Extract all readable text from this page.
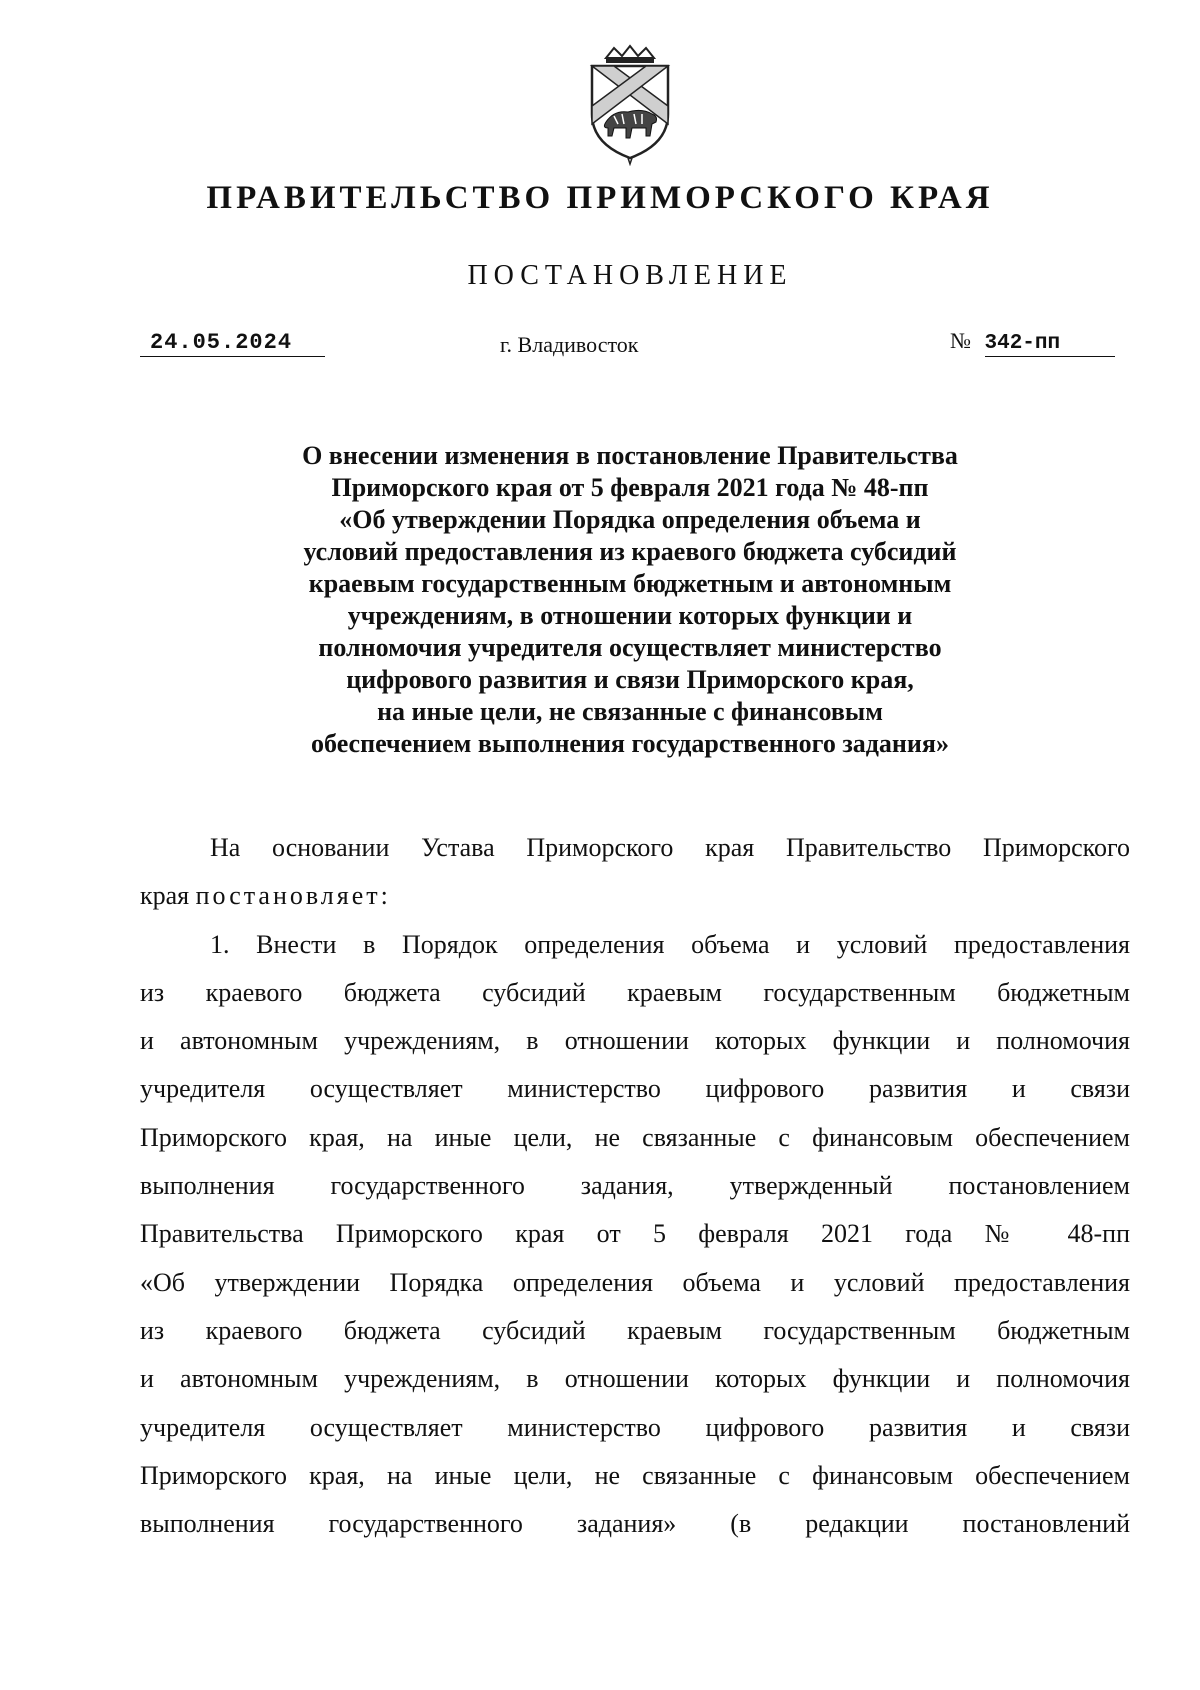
ПРАВИТЕЛЬСТВО ПРИМОРСКОГО КРАЯ
ПОСТАНОВЛЕНИЕ
24.05.2024	г. Владивосток	№ 342-пп
О внесении изменения в постановление Правительства
Приморского края от 5 февраля 2021 года № 48-пп
«Об утверждении Порядка определения объема и
условий предоставления из краевого бюджета субсидий
краевым государственным бюджетным и автономным
учреждениям, в отношении которых функции и
полномочия учредителя осуществляет министерство
цифрового развития и связи Приморского края,
на иные цели, не связанные с финансовым
обеспечением выполнения государственного задания»
На основании Устава Приморского края Правительство Приморского
края постановляет:
1. Внести в Порядок определения объема и условий предоставления
из краевого бюджета субсидий краевым государственным бюджетным
и автономным учреждениям, в отношении которых функции и полномочия
учредителя осуществляет министерство цифрового развития и связи
Приморского края, на иные цели, не связанные с финансовым обеспечением
выполнения государственного задания, утвержденный постановлением
Правительства Приморского края от 5 февраля 2021 года № 48-пп
«Об утверждении Порядка определения объема и условий предоставления
из краевого бюджета субсидий краевым государственным бюджетным
и автономным учреждениям, в отношении которых функции и полномочия
учредителя осуществляет министерство цифрового развития и связи
Приморского края, на иные цели, не связанные с финансовым обеспечением
выполнения государственного задания» (в редакции постановлений
